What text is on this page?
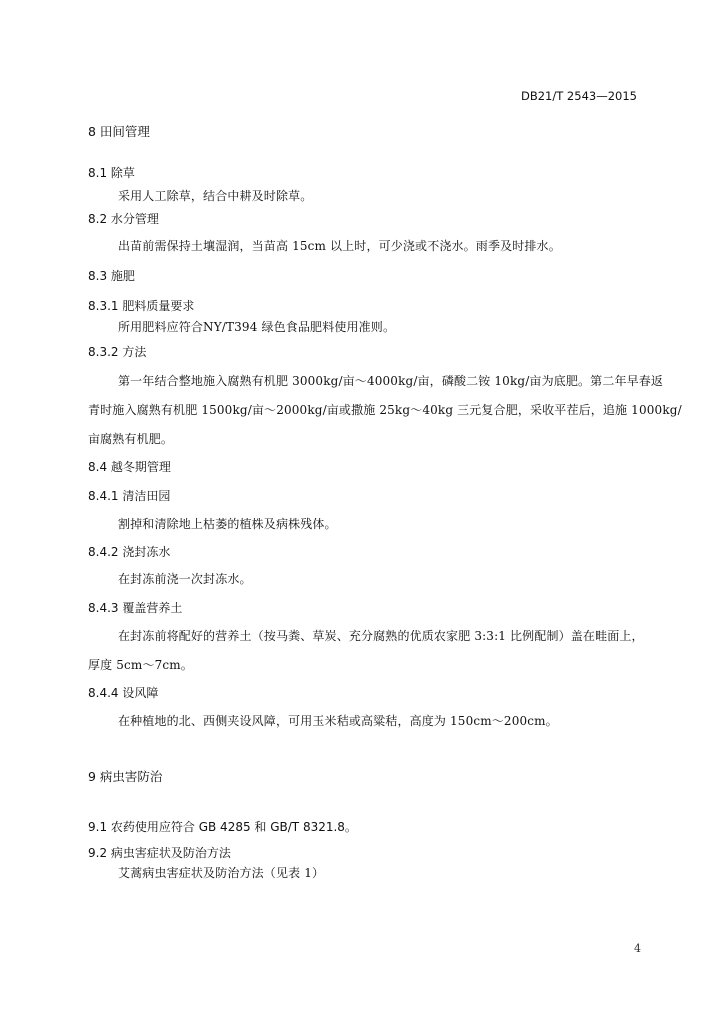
DB21/T 2543—2015
8 田间管理
8.1 除草
采用人工除草，结合中耕及时除草。
8.2 水分管理
出苗前需保持土壤湿润，当苗高 15cm 以上时，可少浇或不浇水。雨季及时排水。
8.3 施肥
8.3.1 肥料质量要求
所用肥料应符合NY/T394 绿色食品肥料使用准则。
8.3.2 方法
第一年结合整地施入腐熟有机肥 3000kg/亩～4000kg/亩，磷酸二铵 10kg/亩为底肥。第二年早春返
青时施入腐熟有机肥 1500kg/亩～2000kg/亩或撒施 25kg～40kg 三元复合肥，采收平茬后，追施 1000kg/
亩腐熟有机肥。
8.4 越冬期管理
8.4.1 清洁田园
割掉和清除地上枯萎的植株及病株残体。
8.4.2 浇封冻水
在封冻前浇一次封冻水。
8.4.3 覆盖营养土
在封冻前将配好的营养土（按马粪、草炭、充分腐熟的优质农家肥 3:3:1 比例配制）盖在畦面上，
厚度 5cm～7cm。
8.4.4 设风障
在种植地的北、西侧夹设风障，可用玉米秸或高粱秸，高度为 150cm～200cm。
9 病虫害防治
9.1 农药使用应符合 GB 4285 和 GB/T 8321.8。
9.2 病虫害症状及防治方法
艾蒿病虫害症状及防治方法（见表 1）
4
